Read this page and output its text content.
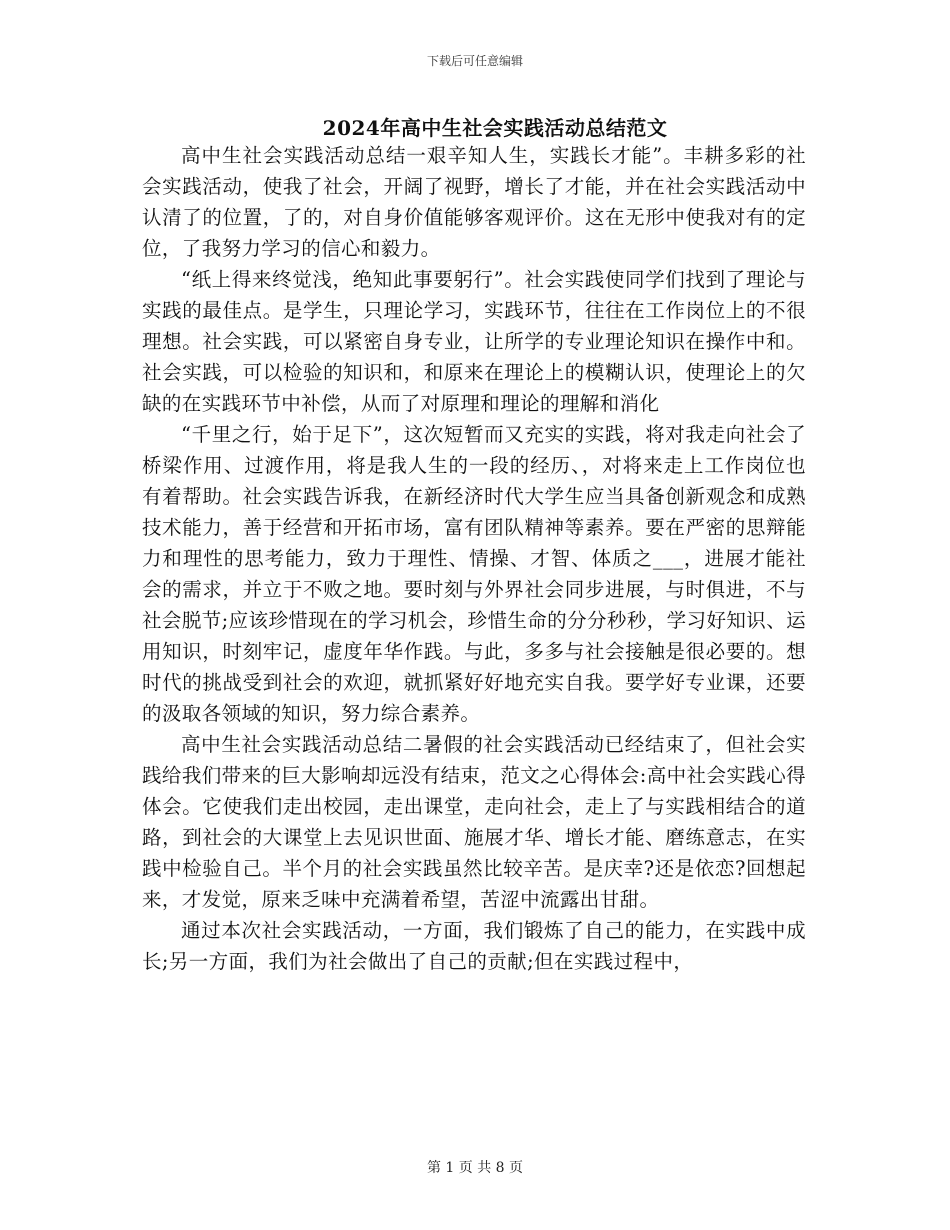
下载后可任意编辑
2024年高中生社会实践活动总结范文

高中生社会实践活动总结一艰辛知人生，实践长才能”。丰耕多彩的社会实践活动，使我了社会，开阔了视野，增长了才能，并在社会实践活动中认清了的位置，了的，对自身价值能够客观评价。这在无形中使我对有的定位，了我努力学习的信心和毅力。

“纸上得来终觉浅，绝知此事要躬行”。社会实践使同学们找到了理论与实践的最佳点。是学生，只理论学习，实践环节，往往在工作岗位上的不很理想。社会实践，可以紧密自身专业，让所学的专业理论知识在操作中和。社会实践，可以检验的知识和，和原来在理论上的模糊认识，使理论上的欠缺的在实践环节中补偿，从而了对原理和理论的理解和消化

“千里之行，始于足下”，这次短暂而又充实的实践，将对我走向社会了桥梁作用、过渡作用，将是我人生的一段的经历、，对将来走上工作岗位也有着帮助。社会实践告诉我，在新经济时代大学生应当具备创新观念和成熟技术能力，善于经营和开拓市场，富有团队精神等素养。要在严密的思辩能力和理性的思考能力，致力于理性、情操、才智、体质之___，进展才能社会的需求，并立于不败之地。要时刻与外界社会同步进展，与时俱进，不与社会脱节;应该珍惜现在的学习机会，珍惜生命的分分秒秒，学习好知识、运用知识，时刻牢记，虚度年华作践。与此，多多与社会接触是很必要的。想时代的挑战受到社会的欢迎，就抓紧好好地充实自我。要学好专业课，还要的汲取各领域的知识，努力综合素养。

高中生社会实践活动总结二暑假的社会实践活动已经结束了，但社会实践给我们带来的巨大影响却远没有结束，范文之心得体会:高中社会实践心得体会。它使我们走出校园，走出课堂，走向社会，走上了与实践相结合的道路，到社会的大课堂上去见识世面、施展才华、增长才能、磨练意志，在实践中检验自己。半个月的社会实践虽然比较辛苦。是庆幸?还是依恋?回想起来，才发觉，原来乏味中充满着希望，苦涩中流露出甘甜。

通过本次社会实践活动，一方面，我们锻炼了自己的能力，在实践中成长;另一方面，我们为社会做出了自己的贡献;但在实践过程中，

第 1 页 共 8 页
